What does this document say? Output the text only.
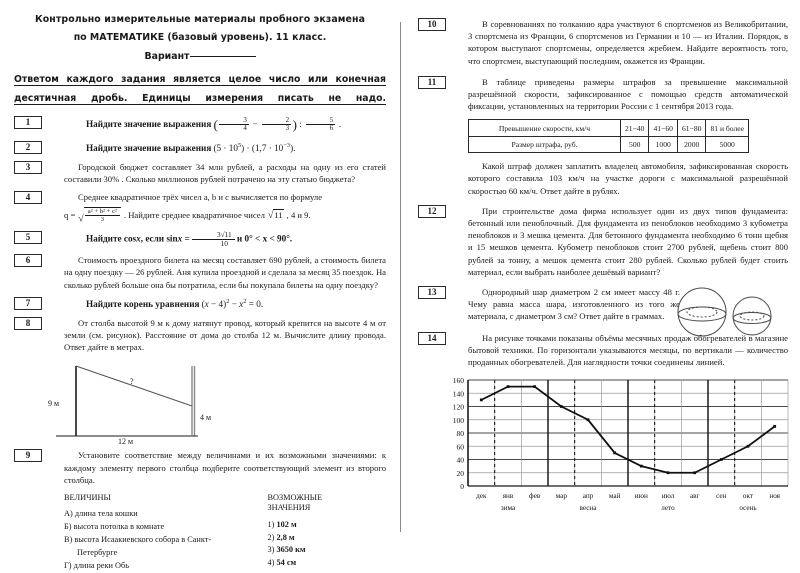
Контрольно измерительные материалы пробного экзамена
по МАТЕМАТИКЕ (базовый уровень). 11 класс.
Вариант
Ответом каждого задания является целое число или конечная
десятичная дробь. Единицы измерения писать не надо.
1	Найдите значение выражения ( $\frac{3}{4} - \frac{2}{3}$ ) : $\frac{5}{6}$ .
2	Найдите значение выражения $(5 \cdot 10^5) \cdot (1,7 \cdot 10^{-3})$.
3	Городской бюджет составляет 34 млн рублей, а расходы на одну из его статей составили 30% . Сколько миллионов рублей потрачено на эту статью бюджета?
4	Среднее квадратичное трёх чисел a, b и c вычисляется по формуле
q = √ $\frac{\text{a² + b² + c²}}{3}$ . Найдите среднее квадратичное чисел √11 , 4 и 9.
5	Найдите cosx, если $\sin x = \frac{3√11}{10}$ и 0° < x < 90°.
6	Стоимость проездного билета на месяц составляет 690 рублей, а стоимость билета на одну поездку — 26 рублей. Аня купила проездной и сделала за месяц 35 поездок. На сколько рублей больше она бы потратила, если бы покупала билеты на одну поездку?
7	Найдите корень уравнения $(x - 4)^2 - x^2 = 0$.
8	От столба высотой 9 м к дому натянут провод, который крепится на высоте 4 м от земли (см. рисунок). Расстояние от дома до столба 12 м. Вычислите длину провода. Ответ дайте в метрах.
9 м
4 м
12 м
?
9	Установите соответствие между величинами и их возможными значениями: к каждому элементу первого столбца подберите соответствующий элемент из второго столбца.
ВЕЛИЧИНЫ
А) длина тела кошки
Б) высота потолка в комнате
В) высота Исаакиевского собора в Санкт-
Петербурге
Г) длина реки Обь
ВОЗМОЖНЫЕ
ЗНАЧЕНИЯ
1) 102 м
2) 2,8 м
3) 3650 км
4) 54 см
10	В соревнованиях по толканию ядра участвуют 6 спортсменов из Великобритании, 3 спортсмена из Франции, 6 спортсменов из Германии и 10 — из Италии. Порядок, в котором выступают спортсмены, определяется жребием. Найдите вероятность того, что спортсмен, выступающий последним, окажется из Франции.
11	В таблице приведены размеры штрафов за превышение максимальной разрешённой скорости, зафиксированное с помощью средств автоматической фиксации, установленных на территории России с 1 сентября 2013 года.
Превышение скорости, км/ч	21−40	41−60	61−80	81 и более
Размер штрафа, руб.	500	1000	2000	5000
Какой штраф должен заплатить владелец автомобиля, зафиксированная скорость которого составила 103 км/ч на участке дороги с максимальной разрешённой скоростью 60 км/ч. Ответ дайте в рублях.
12	При строительстве дома фирма использует один из двух типов фундамента: бетонный или пеноблочный. Для фундамента из пеноблоков необходимо 3 кубометра пеноблоков и 3 мешка цемента. Для бетонного фундамента необходимо 6 тонн щебня и 15 мешков цемента. Кубометр пеноблоков стоит 2700 рублей, щебень стоит 800 рублей за тонну, а мешок цемента стоит 280 рублей. Сколько рублей будет стоить материал, если выбрать наиболее дешёвый вариант?
13	Однородный шар диаметром 2 см имеет массу 48 г. Чему равна масса шара, изготовленного из того же материала, с диаметром 3 см? Ответ дайте в граммах.
14	На рисунке точками показаны объёмы месячных продаж обогревателей в магазине бытовой техники. По горизонтали указываются месяцы, по вертикали — количество проданных обогревателей. Для наглядности точки соединены линией.
0
20
40
60
80
100
120
140
160
дек янв фев мар апр май июн июл авг сен окт ноя
зима	весна	лето	осень
